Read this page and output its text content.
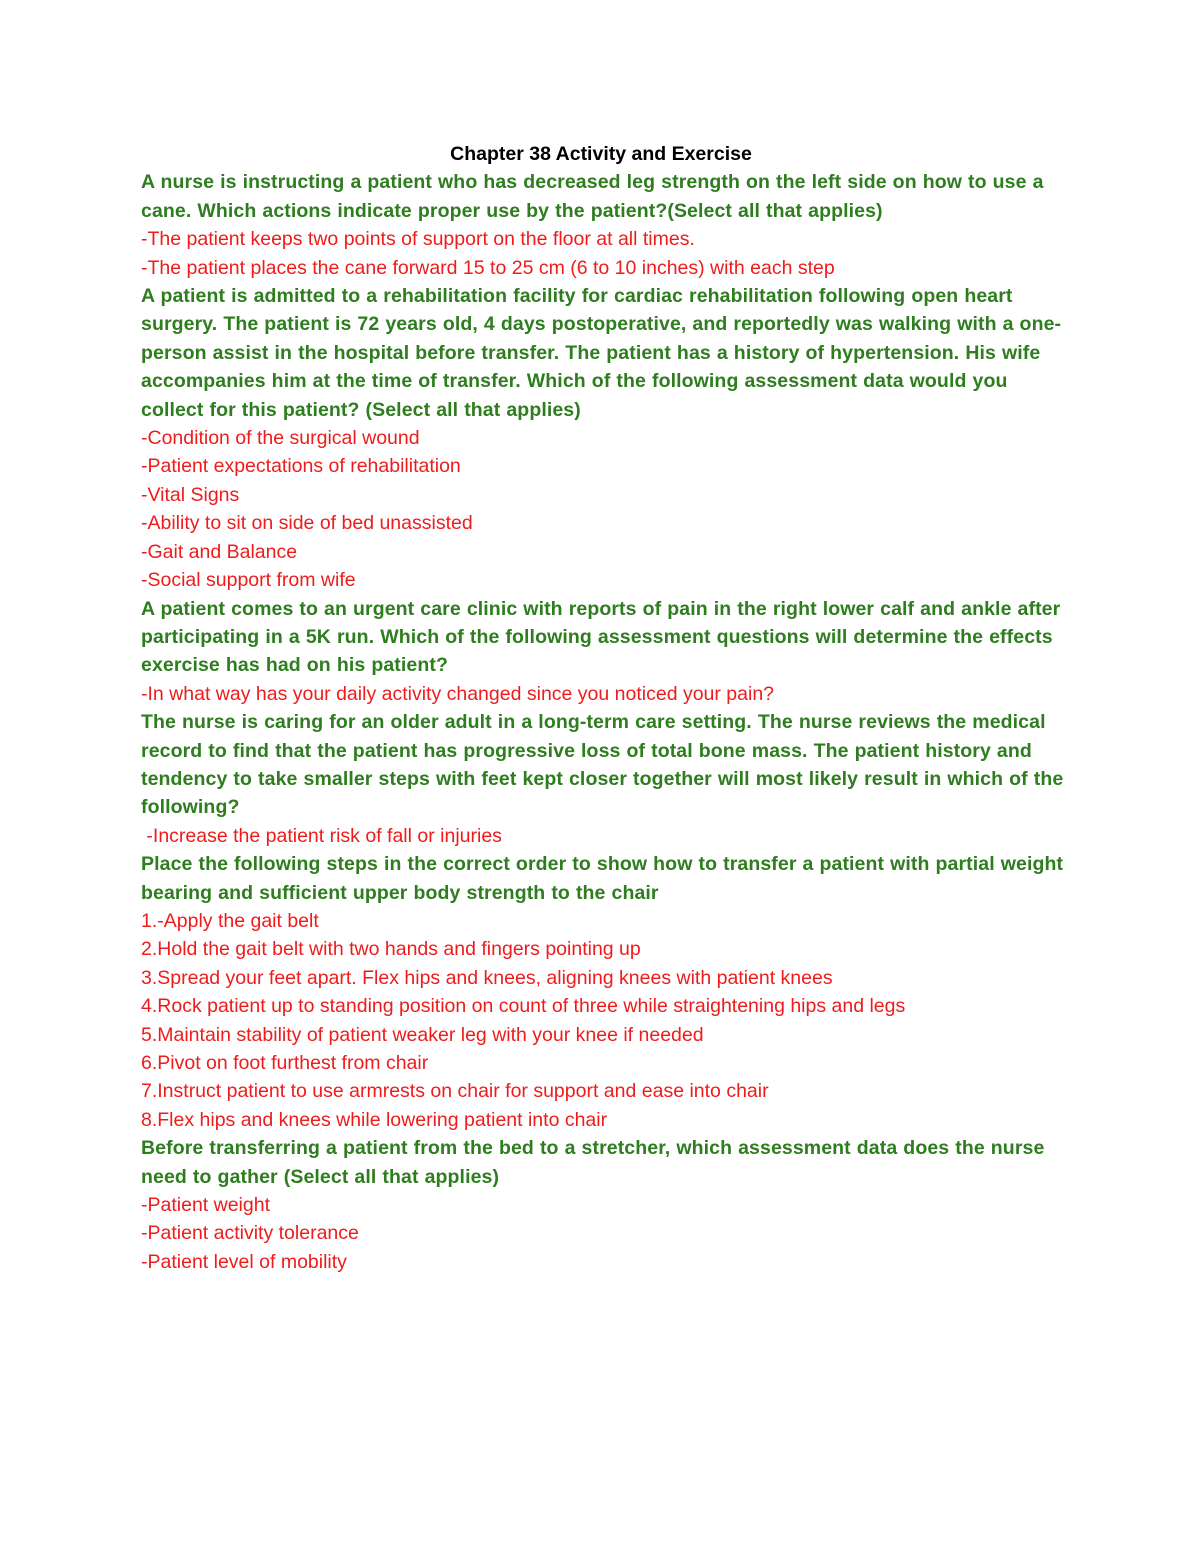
Chapter 38 Activity and Exercise
A nurse is instructing a patient who has decreased leg strength on the left side on how to use a cane. Which actions indicate proper use by the patient?(Select all that applies)
-The patient keeps two points of support on the floor at all times.
-The patient places the cane forward 15 to 25 cm (6 to 10 inches) with each step
A patient is admitted to a rehabilitation facility for cardiac rehabilitation following open heart surgery. The patient is 72 years old, 4 days postoperative, and reportedly was walking with a one-person assist in the hospital before transfer. The patient has a history of hypertension. His wife accompanies him at the time of transfer. Which of the following assessment data would you collect for this patient? (Select all that applies)
-Condition of the surgical wound
-Patient expectations of rehabilitation
-Vital Signs
-Ability to sit on side of bed unassisted
-Gait and Balance
-Social support from wife
A patient comes to an urgent care clinic with reports of pain in the right lower calf and ankle after participating in a 5K run. Which of the following assessment questions will determine the effects exercise has had on his patient?
-In what way has your daily activity changed since you noticed your pain?
The nurse is caring for an older adult in a long-term care setting. The nurse reviews the medical record to find that the patient has progressive loss of total bone mass. The patient history and tendency to take smaller steps with feet kept closer together will most likely result in which of the following?
-Increase the patient risk of fall or injuries
Place the following steps in the correct order to show how to transfer a patient with partial weight bearing and sufficient upper body strength to the chair
1.-Apply the gait belt
2.Hold the gait belt with two hands and fingers pointing up
3.Spread your feet apart. Flex hips and knees, aligning knees with patient knees
4.Rock patient up to standing position on count of three while straightening hips and legs
5.Maintain stability of patient weaker leg with your knee if needed
6.Pivot on foot furthest from chair
7.Instruct patient to use armrests on chair for support and ease into chair
8.Flex hips and knees while lowering patient into chair
Before transferring a patient from the bed to a stretcher, which assessment data does the nurse need to gather (Select all that applies)
-Patient weight
-Patient activity tolerance
-Patient level of mobility
